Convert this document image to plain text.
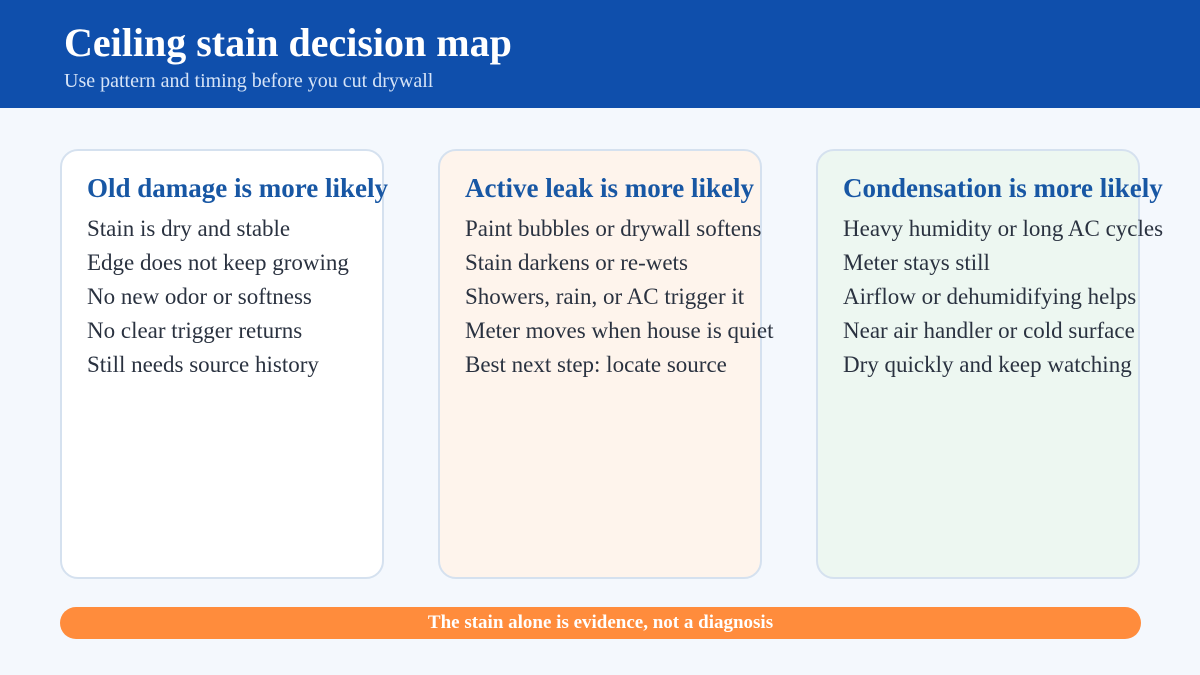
Ceiling stain decision map

Use pattern and timing before you cut drywall

Old damage is more likely
Stain is dry and stable
Edge does not keep growing
No new odor or softness
No clear trigger returns
Still needs source history
Active leak is more likely
Paint bubbles or drywall softens
Stain darkens or re-wets
Showers, rain, or AC trigger it
Meter moves when house is quiet
Best next step: locate source
Condensation is more likely
Heavy humidity or long AC cycles
Meter stays still
Airflow or dehumidifying helps
Near air handler or cold surface
Dry quickly and keep watching
The stain alone is evidence, not a diagnosis
